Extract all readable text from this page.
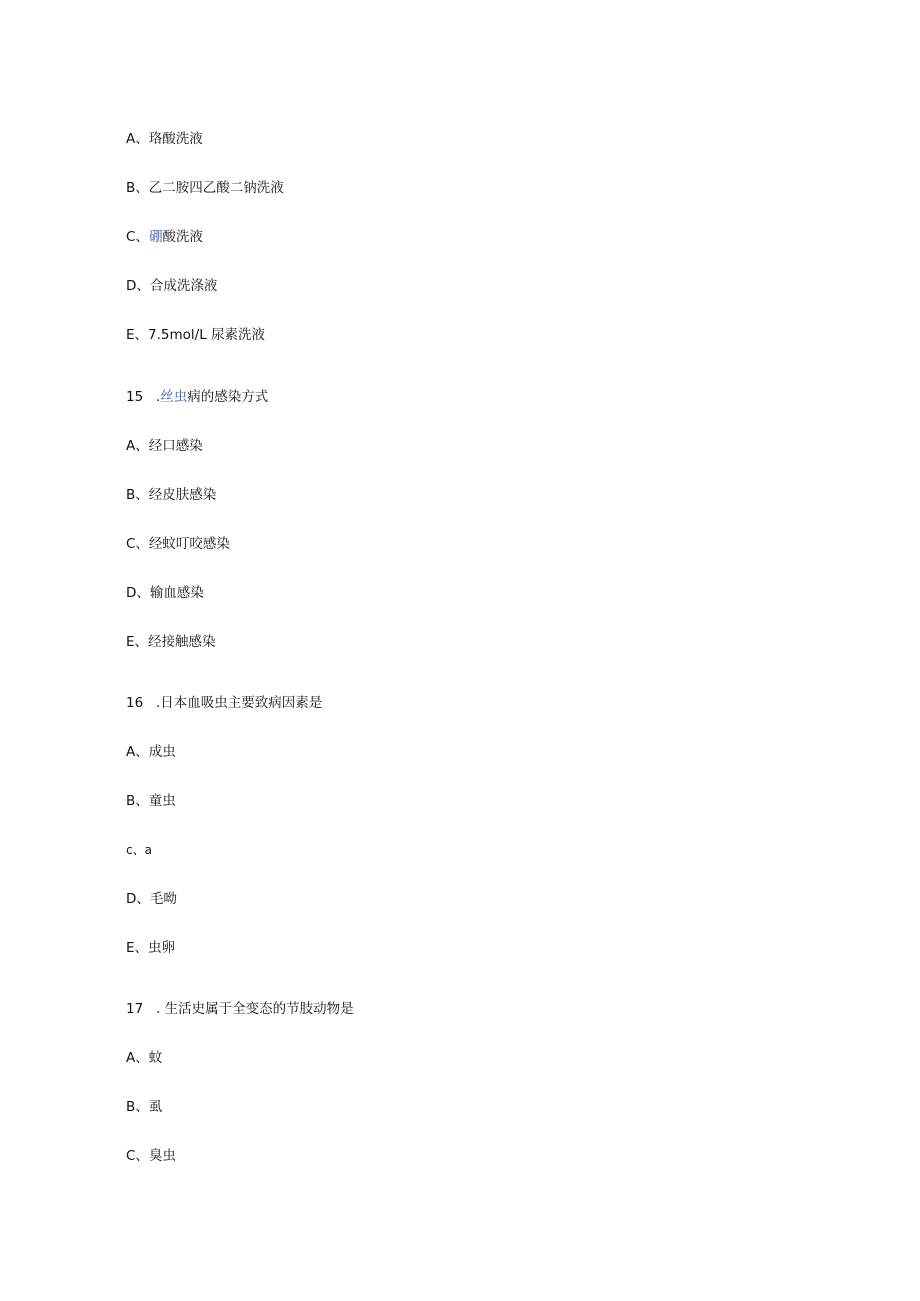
A、珞酸洗液
B、乙二胺四乙酸二钠洗液
C、硼酸洗液
D、合成洗涤液
E、7.5mol/L 尿素洗液
15 .丝虫病的感染方式
A、经口感染
B、经皮肤感染
C、经蚊叮咬感染
D、输血感染
E、经接触感染
16 .日本血吸虫主要致病因素是
A、成虫
B、童虫
c、a
D、毛呦
E、虫卵
17 . 生活史属于全变态的节肢动物是
A、蚊
B、虱
C、臭虫
